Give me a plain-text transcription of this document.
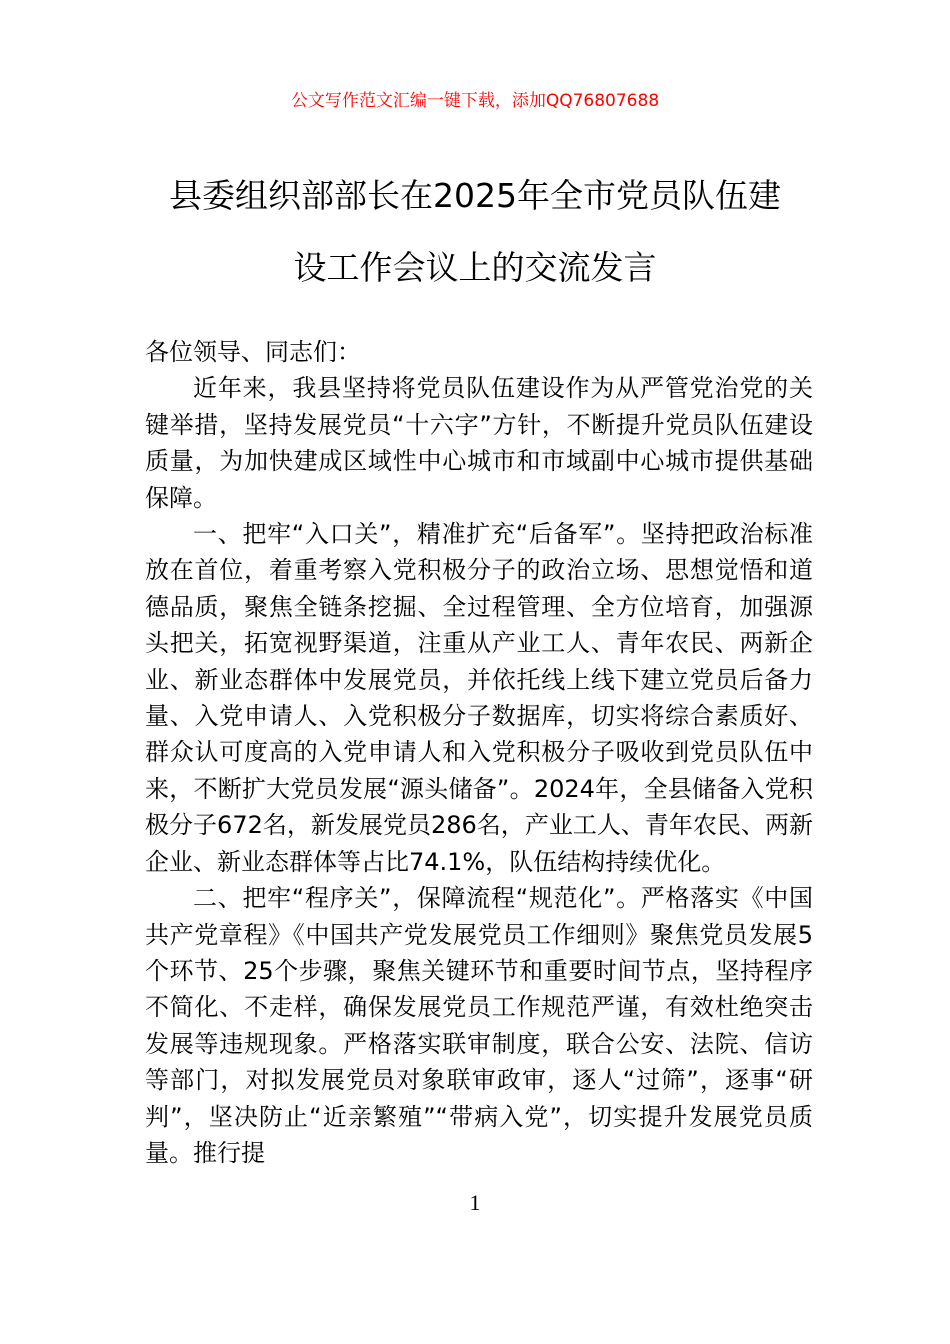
公文写作范文汇编一键下载，添加QQ76807688
县委组织部部长在2025年全市党员队伍建
设工作会议上的交流发言

各位领导、同志们：

近年来，我县坚持将党员队伍建设作为从严管党治党的关键举措，坚持发展党员“十六字”方针，不断提升党员队伍建设质量，为加快建成区域性中心城市和市域副中心城市提供基础保障。

一、把牢“入口关”，精准扩充“后备军”。坚持把政治标准放在首位，着重考察入党积极分子的政治立场、思想觉悟和道德品质，聚焦全链条挖掘、全过程管理、全方位培育，加强源头把关，拓宽视野渠道，注重从产业工人、青年农民、两新企业、新业态群体中发展党员，并依托线上线下建立党员后备力量、入党申请人、入党积极分子数据库，切实将综合素质好、群众认可度高的入党申请人和入党积极分子吸收到党员队伍中来，不断扩大党员发展“源头储备”。2024年，全县储备入党积极分子672名，新发展党员286名，产业工人、青年农民、两新企业、新业态群体等占比74.1%，队伍结构持续优化。

二、把牢“程序关”，保障流程“规范化”。严格落实《中国共产党章程》《中国共产党发展党员工作细则》聚焦党员发展5个环节、25个步骤，聚焦关键环节和重要时间节点，坚持程序不简化、不走样，确保发展党员工作规范严谨，有效杜绝突击发展等违规现象。严格落实联审制度，联合公安、法院、信访等部门，对拟发展党员对象联审政审，逐人“过筛”，逐事“研判”，坚决防止“近亲繁殖”“带病入党”，切实提升发展党员质量。推行提

1
